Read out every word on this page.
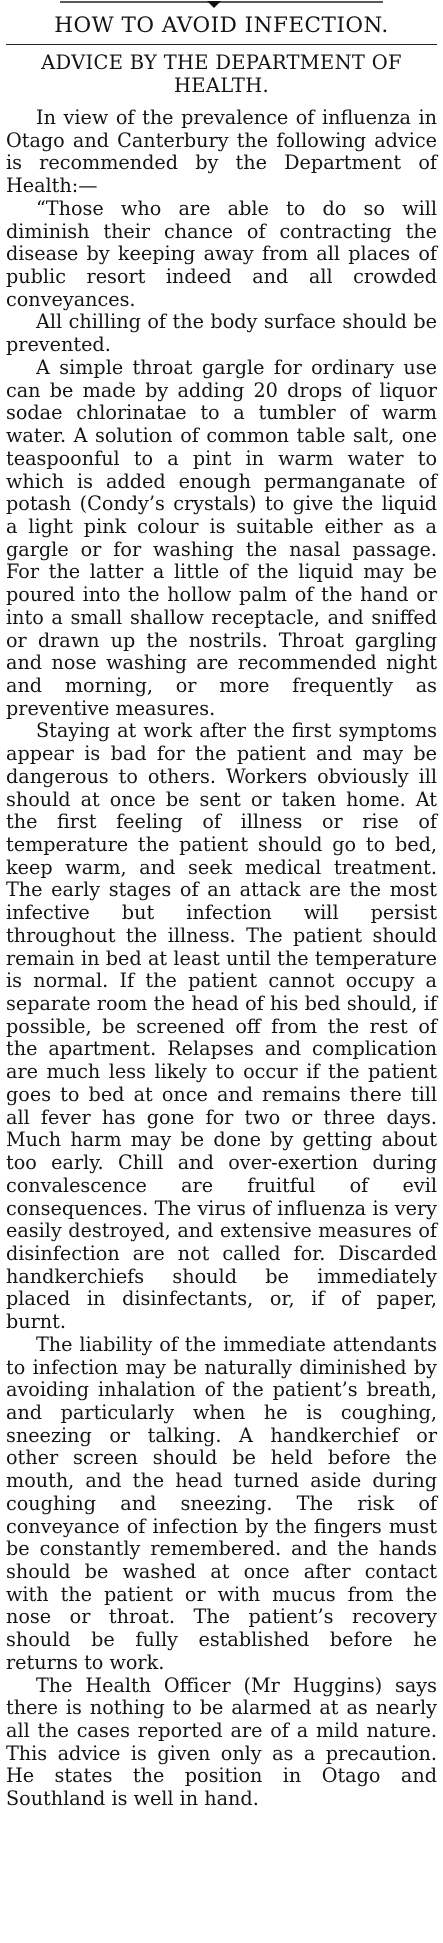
HOW TO AVOID INFECTION.
ADVICE BY THE DEPARTMENT OF HEALTH.

In view of the prevalence of influenza in Otago and Canterbury the following advice is recommended by the Department of Health:—

“Those who are able to do so will diminish their chance of contracting the disease by keeping away from all places of public resort indeed and all crowded conveyances.

All chilling of the body surface should be prevented.

A simple throat gargle for ordinary use can be made by adding 20 drops of liquor sodae chlorinatae to a tumbler of warm water. A solution of common table salt, one teaspoonful to a pint in warm water to which is added enough permanganate of potash (Condy’s crystals) to give the liquid a light pink colour is suitable either as a gargle or for washing the nasal passage. For the latter a little of the liquid may be poured into the hollow palm of the hand or into a small shallow receptacle, and sniffed or drawn up the nostrils. Throat gargling and nose washing are recommended night and morning, or more frequently as preventive measures.

Staying at work after the first symptoms appear is bad for the patient and may be dangerous to others. Workers obviously ill should at once be sent or taken home. At the first feeling of illness or rise of temperature the patient should go to bed, keep warm, and seek medical treatment. The early stages of an attack are the most infective but infection will persist throughout the illness. The patient should remain in bed at least until the temperature is normal. If the patient cannot occupy a separate room the head of his bed should, if possible, be screened off from the rest of the apartment. Relapses and complication are much less likely to occur if the patient goes to bed at once and remains there till all fever has gone for two or three days. Much harm may be done by getting about too early. Chill and over-exertion during convalescence are fruitful of evil consequences. The virus of influenza is very easily destroyed, and extensive measures of disinfection are not called for. Discarded handkerchiefs should be immediately placed in disinfectants, or, if of paper, burnt.

The liability of the immediate attendants to infection may be naturally diminished by avoiding inhalation of the patient’s breath, and particularly when he is coughing, sneezing or talking. A handkerchief or other screen should be held before the mouth, and the head turned aside during coughing and sneezing. The risk of conveyance of infection by the fingers must be constantly remembered. and the hands should be washed at once after contact with the patient or with mucus from the nose or throat. The patient’s recovery should be fully established before he returns to work.

The Health Officer (Mr Huggins) says there is nothing to be alarmed at as nearly all the cases reported are of a mild nature. This advice is given only as a precaution. He states the position in Otago and Southland is well in hand.
